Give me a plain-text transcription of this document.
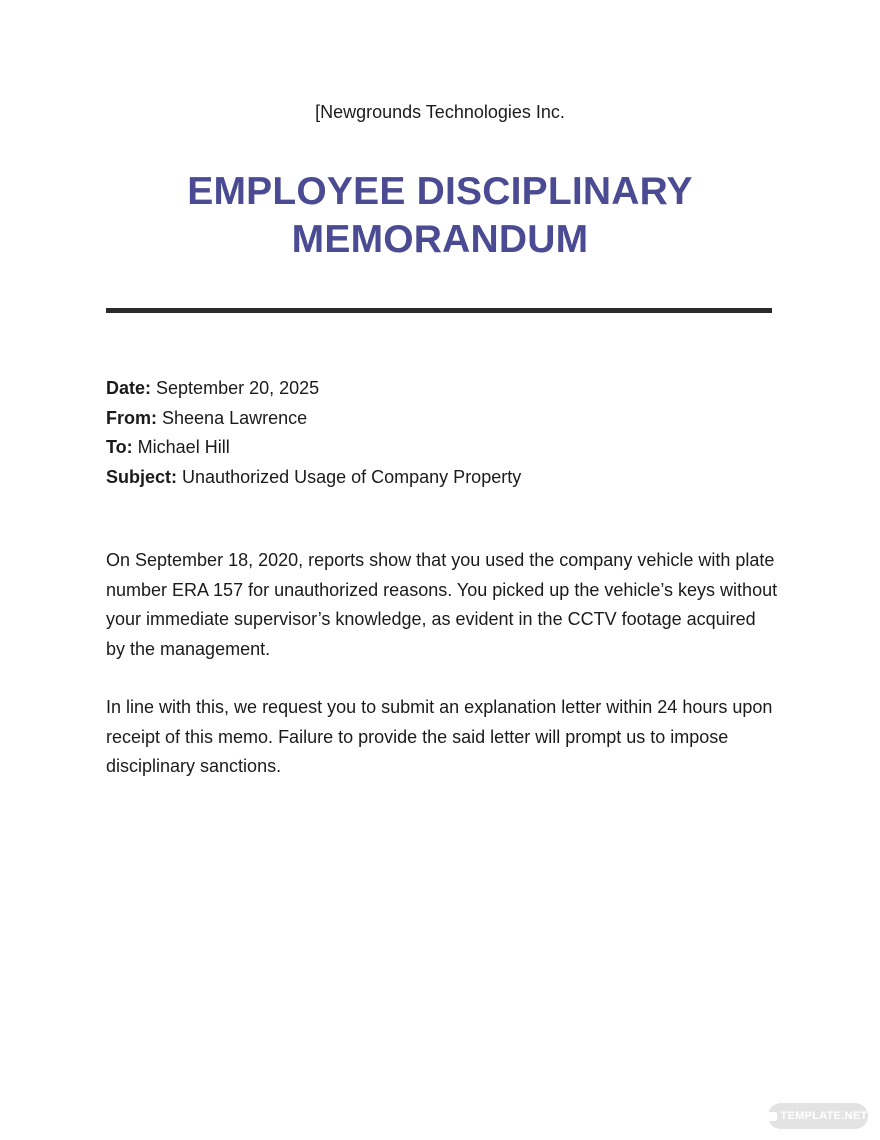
[Newgrounds Technologies Inc.
EMPLOYEE DISCIPLINARY MEMORANDUM
Date: September 20, 2025
From: Sheena Lawrence
To: Michael Hill
Subject: Unauthorized Usage of Company Property

On September 18, 2020, reports show that you used the company vehicle with plate number ERA 157 for unauthorized reasons. You picked up the vehicle’s keys without your immediate supervisor’s knowledge, as evident in the CCTV footage acquired by the management.

In line with this, we request you to submit an explanation letter within 24 hours upon receipt of this memo. Failure to provide the said letter will prompt us to impose disciplinary sanctions.

TEMPLATE.NET
